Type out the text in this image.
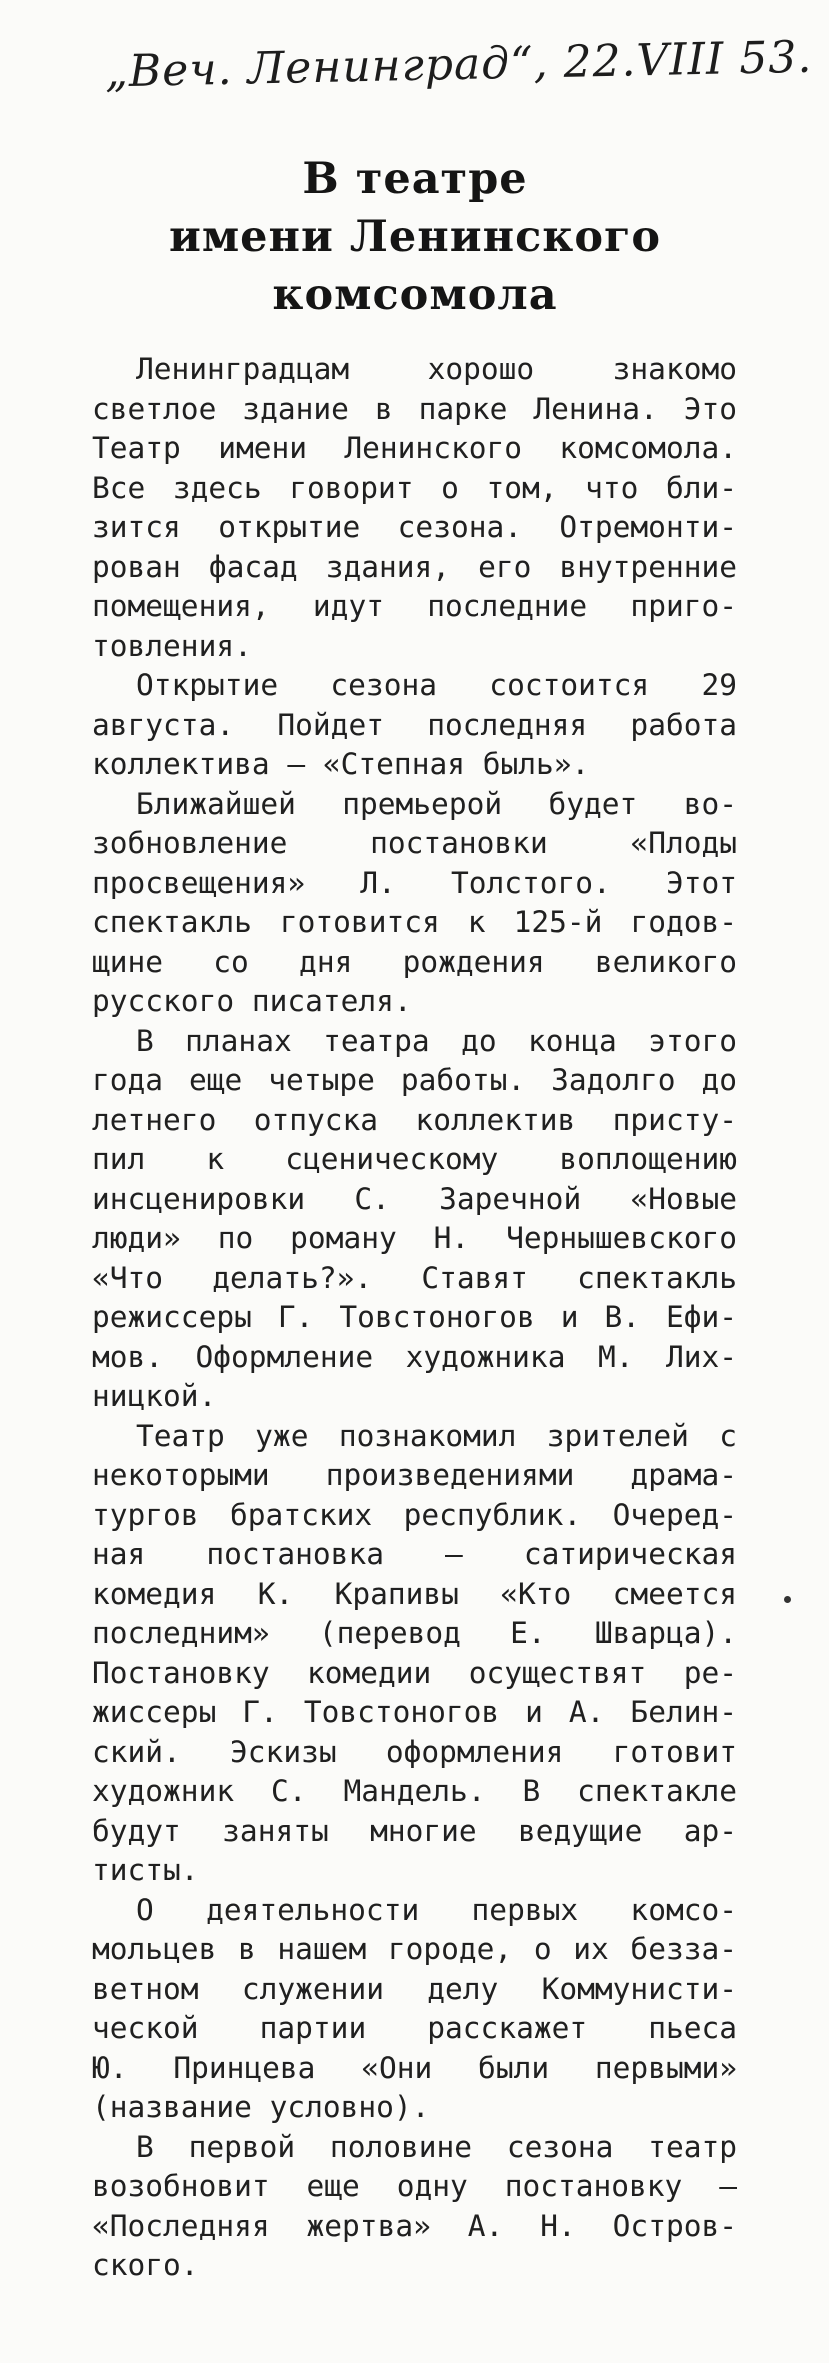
„Веч. Ленинград“, 22.VIII 53.
В театре
имени Ленинского
комсомола
Ленинградцам хорошо знакомо
светлое здание в парке Ленина. Это
Театр имени Ленинского комсомола.
Все здесь говорит о том, что бли-
зится открытие сезона. Отремонти-
рован фасад здания, его внутренние
помещения, идут последние приго-
товления.
Открытие сезона состоится 29
августа. Пойдет последняя работа
коллектива — «Степная быль».
Ближайшей премьерой будет во-
зобновление постановки «Плоды
просвещения» Л. Толстого. Этот
спектакль готовится к 125-й годов-
щине со дня рождения великого
русского писателя.
В планах театра до конца этого
года еще четыре работы. Задолго до
летнего отпуска коллектив присту-
пил к сценическому воплощению
инсценировки С. Заречной «Новые
люди» по роману Н. Чернышевского
«Что делать?». Ставят спектакль
режиссеры Г. Товстоногов и В. Ефи-
мов. Оформление художника М. Лих-
ницкой.
Театр уже познакомил зрителей с
некоторыми произведениями драма-
тургов братских республик. Очеред-
ная постановка — сатирическая
комедия К. Крапивы «Кто смеется
последним» (перевод Е. Шварца).
Постановку комедии осуществят ре-
жиссеры Г. Товстоногов и А. Белин-
ский. Эскизы оформления готовит
художник С. Мандель. В спектакле
будут заняты многие ведущие ар-
тисты.
О деятельности первых комсо-
мольцев в нашем городе, о их безза-
ветном служении делу Коммунисти-
ческой партии расскажет пьеса
Ю. Принцева «Они были первыми»
(название условно).
В первой половине сезона театр
возобновит еще одну постановку —
«Последняя жертва» А. Н. Остров-
ского.
